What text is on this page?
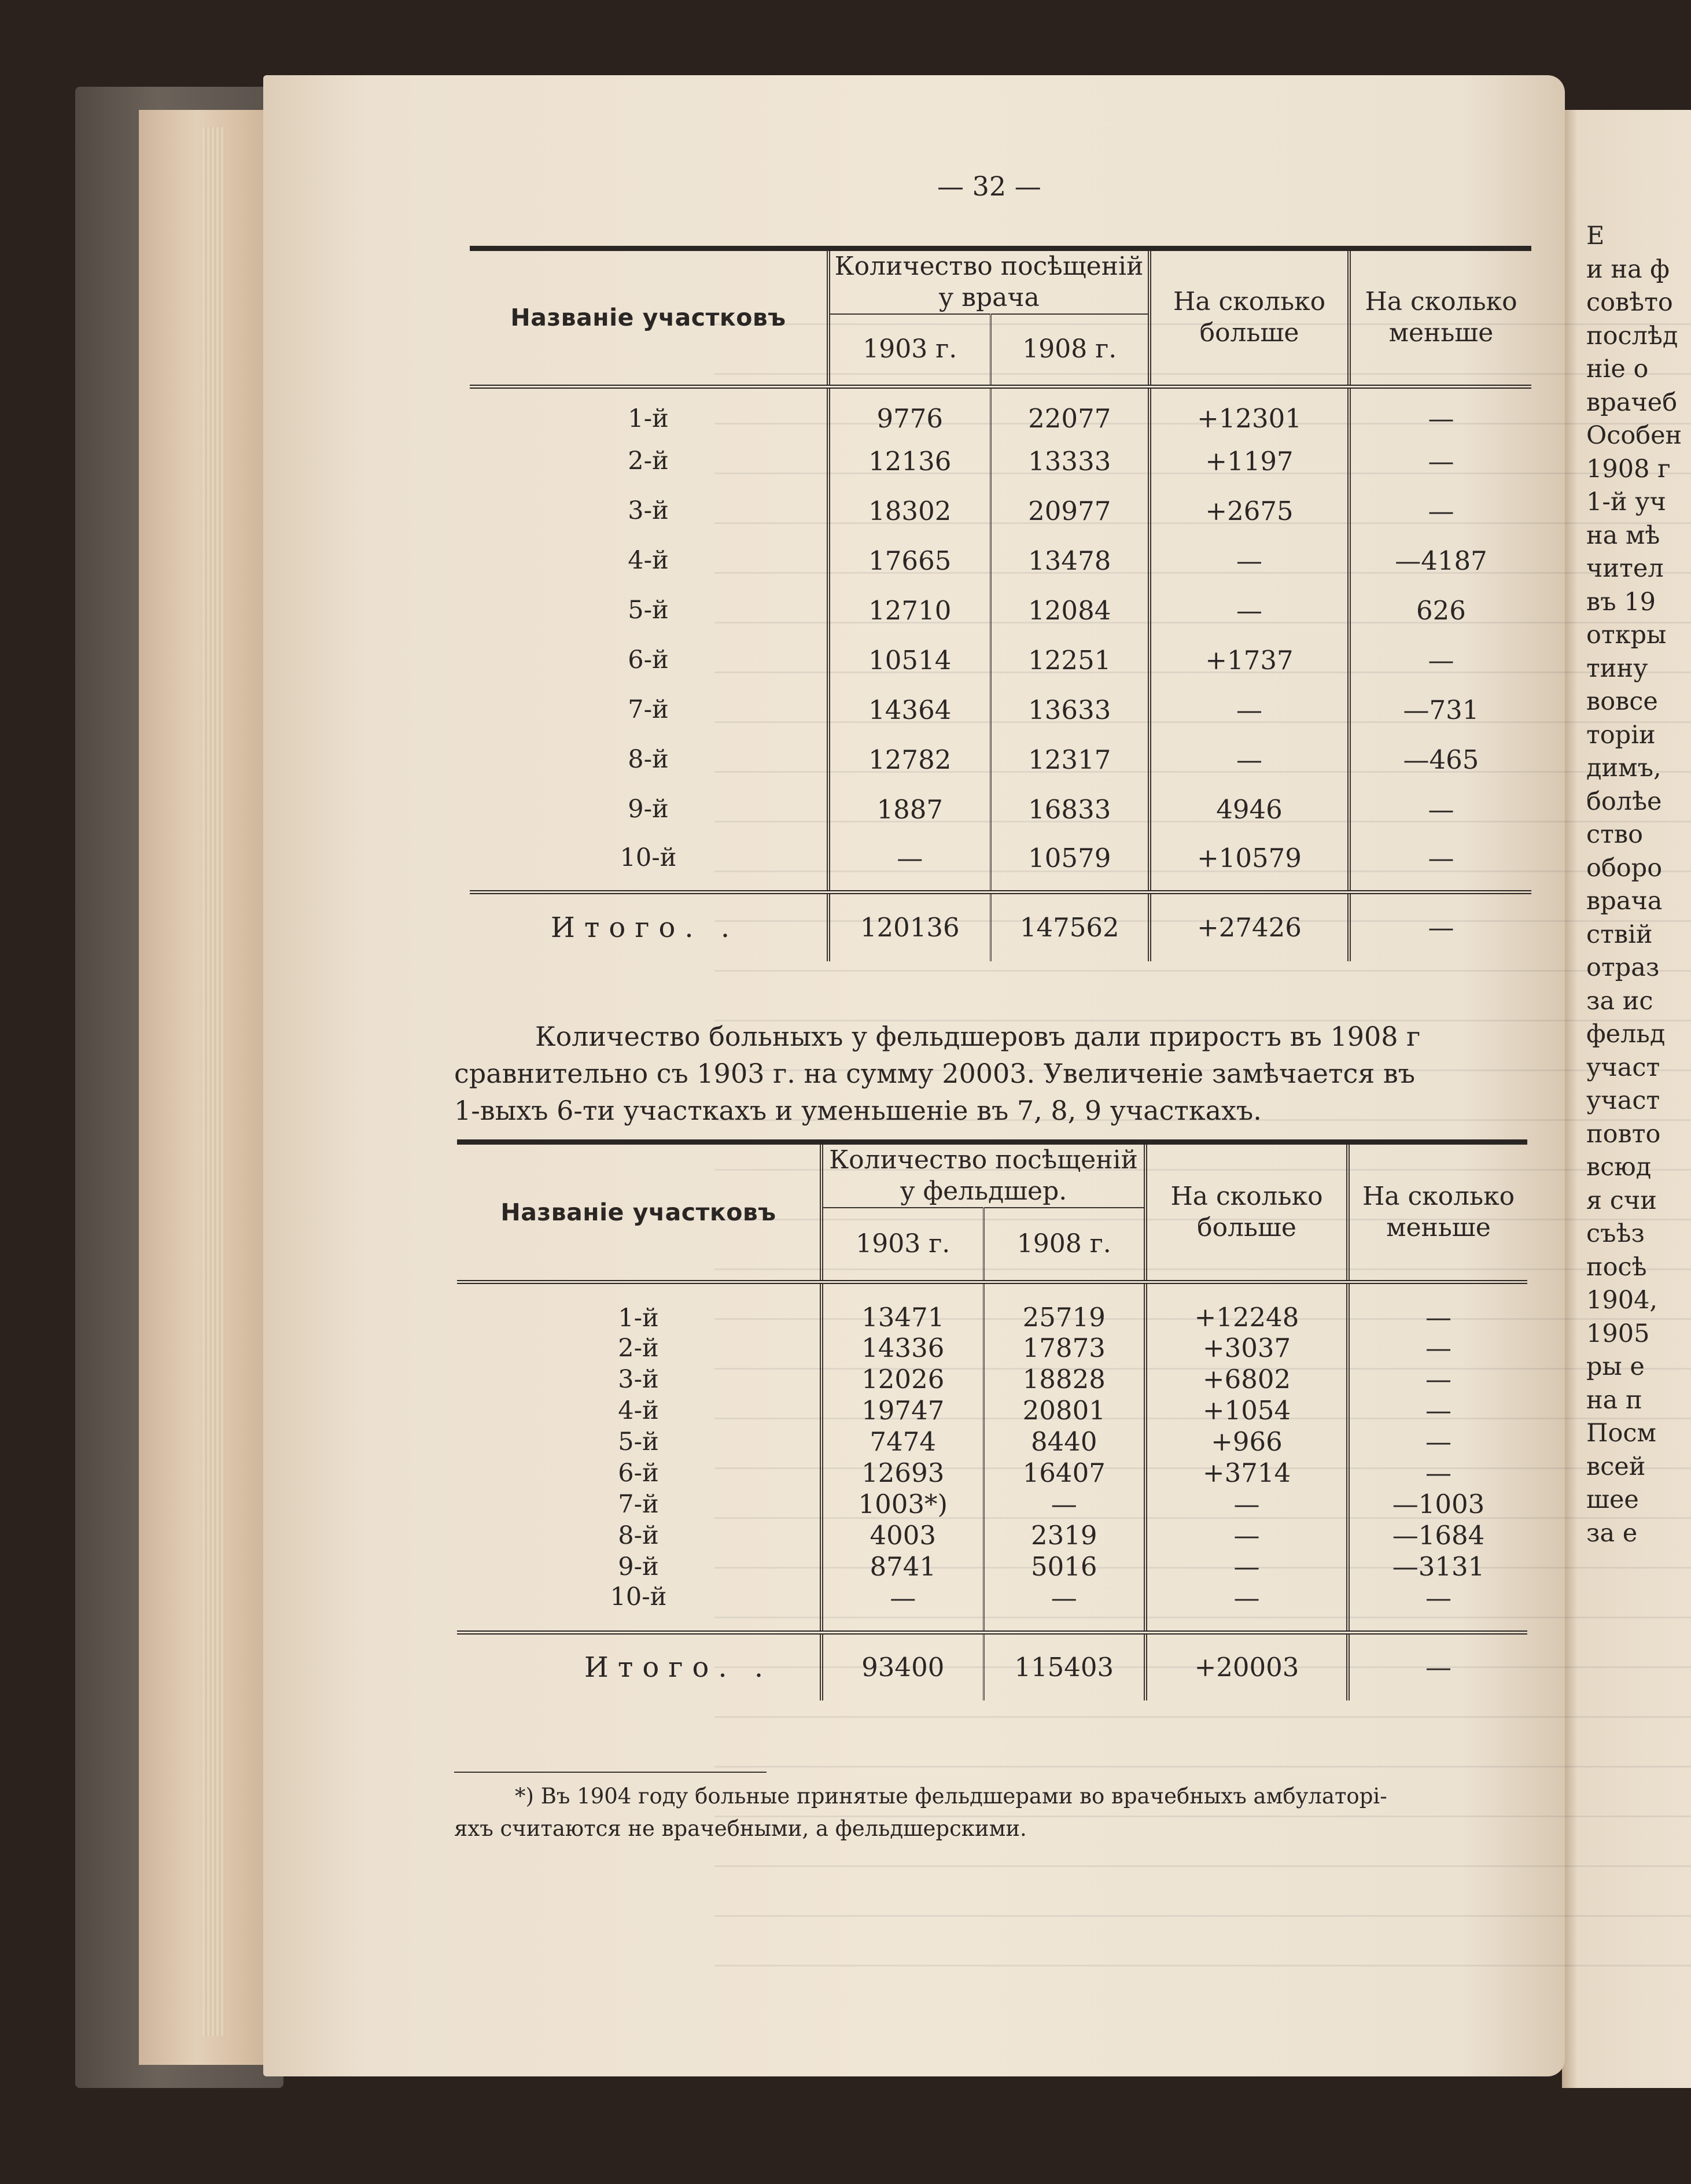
Е
и на ф
совѣто
послѣд
ніе о
врачеб
Особен
1908 г
1-й уч
на мѣ
чител
въ 19
откры
тину
вовсе
торіи
димъ,
болѣе
ство
оборо
врача
ствій
отраз
за ис
фельд
участ
участ
повто
всюд
я счи
съѣз
посѣ
1904,
1905
ры е
на п
Посм
всей
шее
за е
— 32 —
Названіе участковъ	Количество посѣщеній у врача		На сколько больше	На сколько меньше
	1903 г.	1908 г.		
1-й	9776	22077	+12301	—
2-й	12136	13333	+1197	—
3-й	18302	20977	+2675	—
4-й	17665	13478	—	—4187
5-й	12710	12084	—	626
6-й	10514	12251	+1737	—
7-й	14364	13633	—	—731
8-й	12782	12317	—	—465
9-й	1887	16833	4946	—
10-й	—	10579	+10579	—
Итого. .	120136	147562	+27426	—
Количество больныхъ у фельдшеровъ дали приростъ въ 1908 г
сравнительно съ 1903 г. на сумму 20003. Увеличеніе замѣчается въ
1-выхъ 6-ти участкахъ и уменьшеніе въ 7, 8, 9 участкахъ.
Названіе участковъ	Количество посѣщеній у фельдшер.		На сколько больше	На сколько меньше
	1903 г.	1908 г.		
1-й	13471	25719	+12248	—
2-й	14336	17873	+3037	—
3-й	12026	18828	+6802	—
4-й	19747	20801	+1054	—
5-й	7474	8440	+966	—
6-й	12693	16407	+3714	—
7-й	1003*)	—	—	—1003
8-й	4003	2319	—	—1684
9-й	8741	5016	—	—3131
10-й	—	—	—	—
Итого. .	93400	115403	+20003	—
*) Въ 1904 году больные принятые фельдшерами во врачебныхъ амбулаторі-
яхъ считаются не врачебными, а фельдшерскими.
